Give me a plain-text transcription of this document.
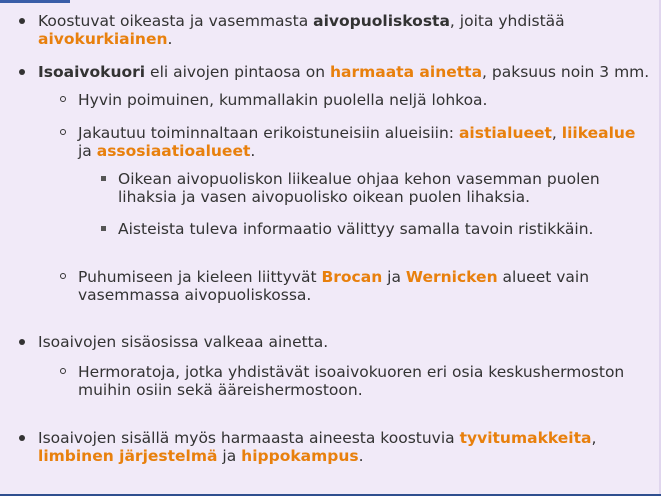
Koostuvat oikeasta ja vasemmasta aivopuoliskosta, joita yhdistää aivokurkiainen.
Isoaivokuori eli aivojen pintaosa on harmaata ainetta, paksuus noin 3 mm.
Isoaivojen sisäosissa valkeaa ainetta.
Isoaivojen sisällä myös harmaasta aineesta koostuvia tyvitumakkeita, limbinen järjestelmä ja hippokampus.
Hyvin poimuinen, kummallakin puolella neljä lohkoa.
Jakautuu toiminnaltaan erikoistuneisiin alueisiin: aistialueet, liikealue ja assosiaatioalueet.
Puhumiseen ja kieleen liittyvät Brocan ja Wernicken alueet vain vasemmassa aivopuoliskossa.
Hermoratoja, jotka yhdistävät isoaivokuoren eri osia keskushermoston muihin osiin sekä ääreishermostoon.
Oikean aivopuoliskon liikealue ohjaa kehon vasemman puolen lihaksia ja vasen aivopuolisko oikean puolen lihaksia.
Aisteista tuleva informaatio välittyy samalla tavoin ristikkäin.
